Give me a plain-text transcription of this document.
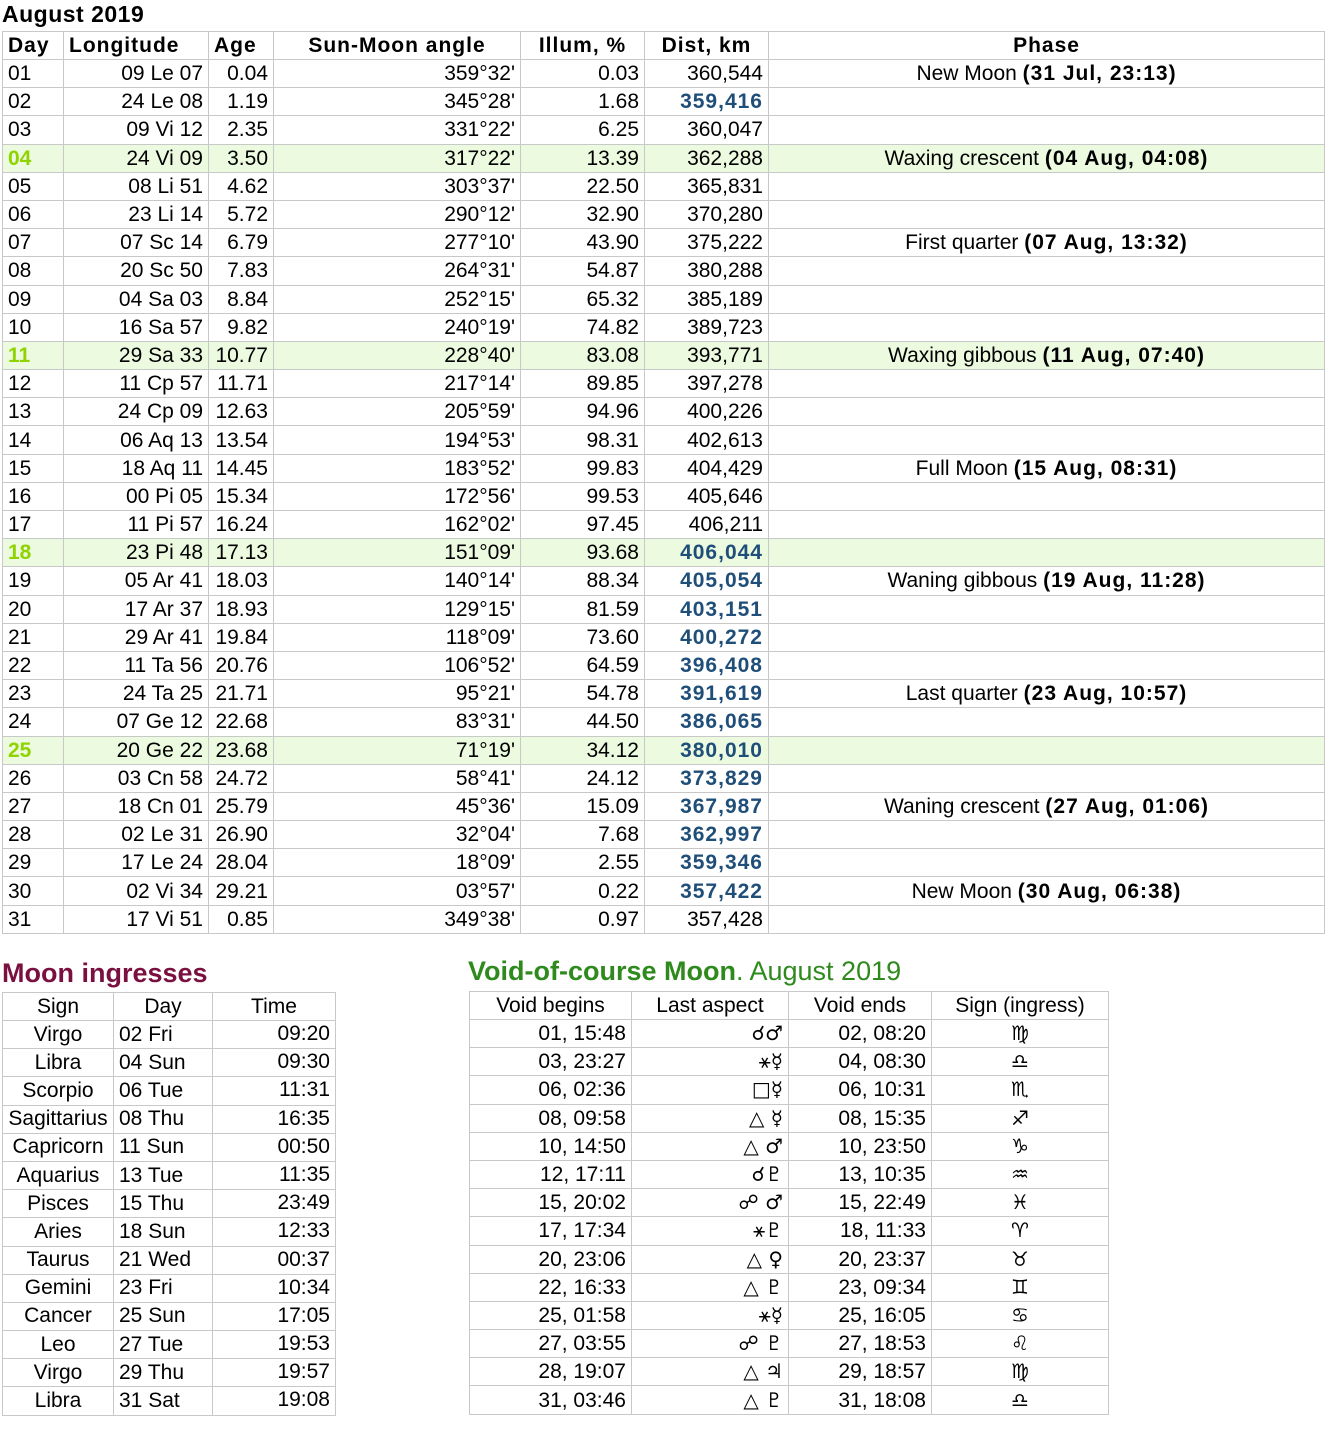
August 2019
Day	Longitude	Age	Sun-Moon angle	Illum, %	Dist, km	Phase
01	09 Le 07	0.04	359°32'	0.03	360,544	New Moon (31 Jul, 23:13)
02	24 Le 08	1.19	345°28'	1.68	359,416	
03	09 Vi 12	2.35	331°22'	6.25	360,047	
04	24 Vi 09	3.50	317°22'	13.39	362,288	Waxing crescent (04 Aug, 04:08)
05	08 Li 51	4.62	303°37'	22.50	365,831	
06	23 Li 14	5.72	290°12'	32.90	370,280	
07	07 Sc 14	6.79	277°10'	43.90	375,222	First quarter (07 Aug, 13:32)
08	20 Sc 50	7.83	264°31'	54.87	380,288	
09	04 Sa 03	8.84	252°15'	65.32	385,189	
10	16 Sa 57	9.82	240°19'	74.82	389,723	
11	29 Sa 33	10.77	228°40'	83.08	393,771	Waxing gibbous (11 Aug, 07:40)
12	11 Cp 57	11.71	217°14'	89.85	397,278	
13	24 Cp 09	12.63	205°59'	94.96	400,226	
14	06 Aq 13	13.54	194°53'	98.31	402,613	
15	18 Aq 11	14.45	183°52'	99.83	404,429	Full Moon (15 Aug, 08:31)
16	00 Pi 05	15.34	172°56'	99.53	405,646	
17	11 Pi 57	16.24	162°02'	97.45	406,211	
18	23 Pi 48	17.13	151°09'	93.68	406,044	
19	05 Ar 41	18.03	140°14'	88.34	405,054	Waning gibbous (19 Aug, 11:28)
20	17 Ar 37	18.93	129°15'	81.59	403,151	
21	29 Ar 41	19.84	118°09'	73.60	400,272	
22	11 Ta 56	20.76	106°52'	64.59	396,408	
23	24 Ta 25	21.71	95°21'	54.78	391,619	Last quarter (23 Aug, 10:57)
24	07 Ge 12	22.68	83°31'	44.50	386,065	
25	20 Ge 22	23.68	71°19'	34.12	380,010	
26	03 Cn 58	24.72	58°41'	24.12	373,829	
27	18 Cn 01	25.79	45°36'	15.09	367,987	Waning crescent (27 Aug, 01:06)
28	02 Le 31	26.90	32°04'	7.68	362,997	
29	17 Le 24	28.04	18°09'	2.55	359,346	
30	02 Vi 34	29.21	03°57'	0.22	357,422	New Moon (30 Aug, 06:38)
31	17 Vi 51	0.85	349°38'	0.97	357,428	
Moon ingresses	Void-of-course Moon. August 2019
Sign	Day	Time
Virgo	02 Fri	09:20
Libra	04 Sun	09:30
Scorpio	06 Tue	11:31
Sagittarius	08 Thu	16:35
Capricorn	11 Sun	00:50
Aquarius	13 Tue	11:35
Pisces	15 Thu	23:49
Aries	18 Sun	12:33
Taurus	21 Wed	00:37
Gemini	23 Fri	10:34
Cancer	25 Sun	17:05
Leo	27 Tue	19:53
Virgo	29 Thu	19:57
Libra	31 Sat	19:08
Void begins	Last aspect	Void ends	Sign (ingress)
01, 15:48	☌♂	02, 08:20	♍
03, 23:27	⚹☿	04, 08:30	♎
06, 02:36	□☿	06, 10:31	♏
08, 09:58	△ ☿	08, 15:35	♐
10, 14:50	△ ♂	10, 23:50	♑
12, 17:11	☌♇	13, 10:35	♒
15, 20:02	☍ ♂	15, 22:49	♓
17, 17:34	⚹♇	18, 11:33	♈
20, 23:06	△ ♀	20, 23:37	♉
22, 16:33	△ ♇	23, 09:34	♊
25, 01:58	⚹☿	25, 16:05	♋
27, 03:55	☍ ♇	27, 18:53	♌
28, 19:07	△ ♃	29, 18:57	♍
31, 03:46	△ ♇	31, 18:08	♎
